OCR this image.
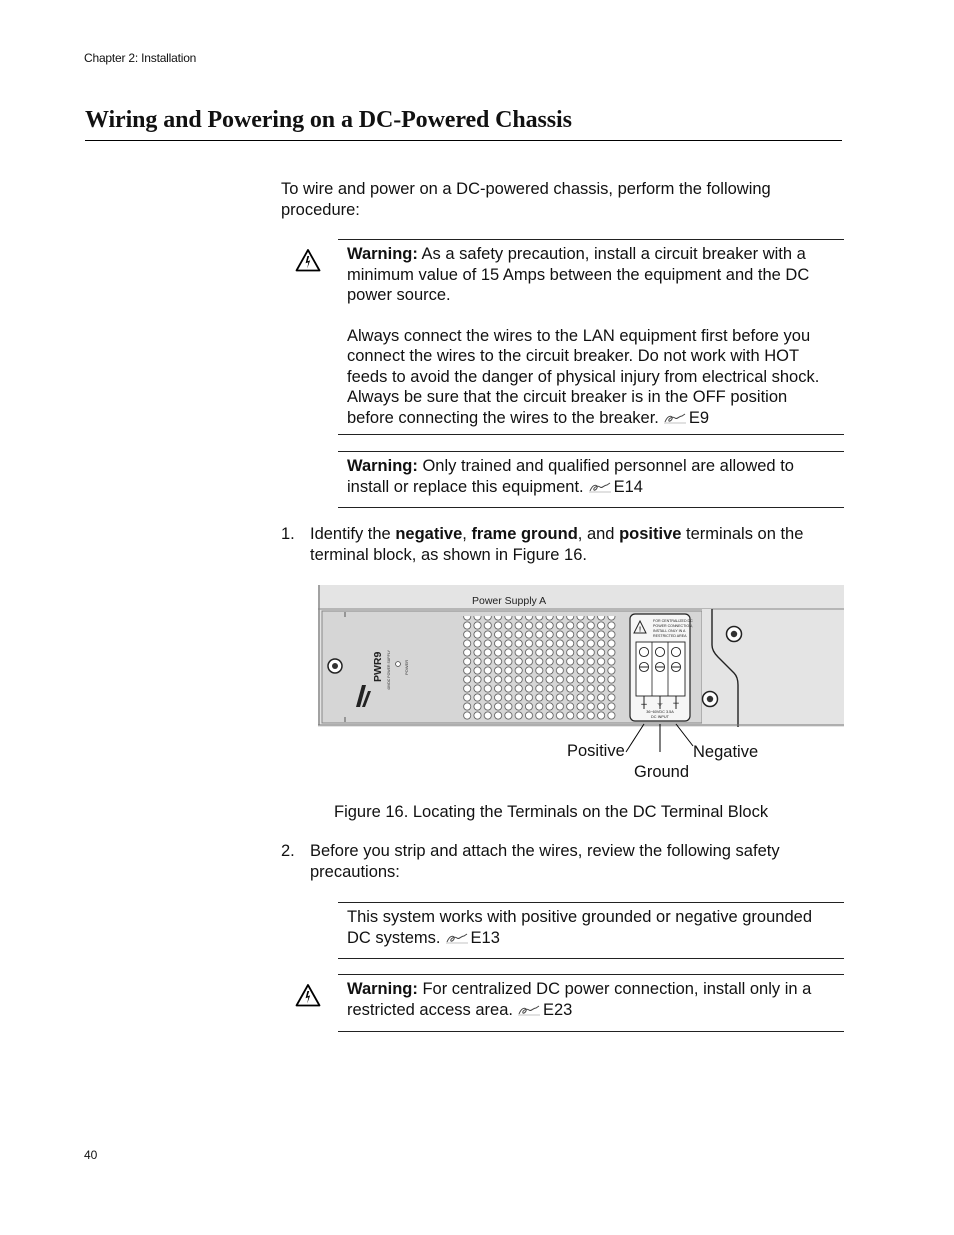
Chapter 2: Installation
Wiring and Powering on a DC-Powered Chassis
To wire and power on a DC-powered chassis, perform the following procedure:

Warning: As a safety precaution, install a circuit breaker with a minimum value of 15 Amps between the equipment and the DC power source.

Always connect the wires to the LAN equipment first before you connect the wires to the circuit breaker. Do not work with HOT feeds to avoid the danger of physical injury from electrical shock. Always be sure that the circuit breaker is in the OFF position before connecting the wires to the breaker. E9

Warning: Only trained and qualified personnel are allowed to install or replace this equipment. E14

1. Identify the negative, frame ground, and positive terminals on the terminal block, as shown in Figure 16.
PWR9 48VDC POWER SUPPLY	POWER
Power Supply A
!
FOR CENTRALIZED DC
POWER CONNECTION,
INSTALL ONLY IN A
RESTRICTED AREA
+ ⏚ −
36~60VDC 3.5A
DC INPUT
Positive
Ground
Negative
Figure 16. Locating the Terminals on the DC Terminal Block
2. Before you strip and attach the wires, review the following safety precautions:

This system works with positive grounded or negative grounded DC systems. E13

Warning: For centralized DC power connection, install only in a restricted access area. E23

40
